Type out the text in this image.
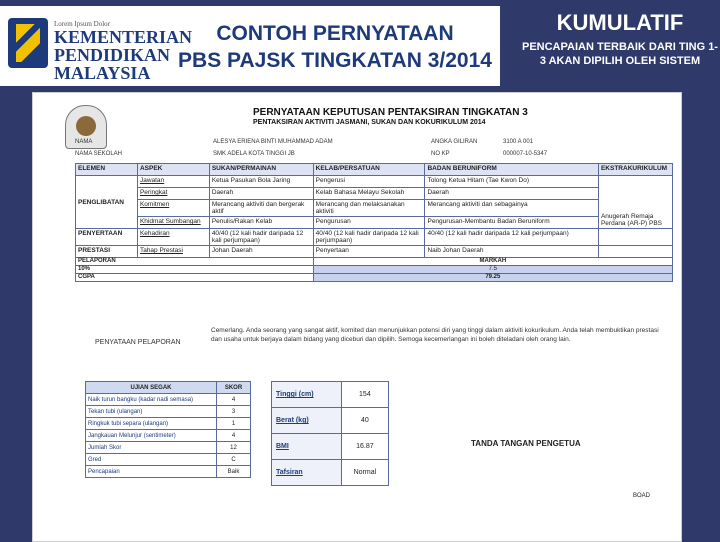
Lorem Ipsum Dolor
KEMENTERIAN
PENDIDIKAN
MALAYSIA
CONTOH PERNYATAAN
PBS PAJSK TINGKATAN 3/2014
KUMULATIF
PENCAPAIAN TERBAIK DARI TING 1-3 AKAN DIPILIH OLEH SISTEM
PERNYATAAN KEPUTUSAN PENTAKSIRAN TINGKATAN 3
PENTAKSIRAN AKTIVITI JASMANI, SUKAN DAN KOKURIKULUM 2014
NAMA	ALESYA ERIENA BINTI MUHAMMAD ADAM
NAMA SEKOLAH	SMK ADELA KOTA TINGGI JB
ANGKA GILIRAN	3100 A 001
NO KP	000007-10-5347
ELEMEN	ASPEK	SUKAN/PERMAINAN	KELAB/PERSATUAN	BADAN BERUNIFORM	EKSTRAKURIKULUM
PENGLIBATAN	Jawatan	Ketua Pasukan Bola Jaring	Pengerusi	Tolong Ketua Hitam (Tae Kwon Do)	Anugerah Remaja Perdana (AR-P) PBS
	Peringkat	Daerah	Kelab Bahasa Melayu Sekolah	Daerah	
	Komitmen	Merancang aktiviti dan bergerak aktif	Merancang dan melaksanakan aktiviti	Merancang aktiviti dan sebagainya	
	Khidmat Sumbangan	Penulis/Rakan Kelab	Pengurusan	Pengurusan-Membantu Badan Beruniform	
PENYERTAAN	Kehadiran	40/40 (12 kali hadir daripada 12 kali perjumpaan)	40/40 (12 kali hadir daripada 12 kali perjumpaan)	40/40 (12 kali hadir daripada 12 kali perjumpaan)	
PRESTASI	Tahap Prestasi	Johan Daerah	Penyertaan	Naib Johan Daerah	
PELAPORAN			MARKAH		
10%			7.5		
CGPA			79.25		
PENYATAAN PELAPORAN
Cemerlang. Anda seorang yang sangat aktif, komited dan menunjukkan potensi diri yang tinggi dalam aktiviti kokurikulum. Anda telah membuktikan prestasi dan usaha untuk berjaya dalam bidang yang diceburi dan dipilih. Semoga kecemerlangan ini boleh diteladani oleh orang lain.
UJIAN SEGAK	SKOR
Naik turun bangku (kadar nadi semasa)	4
Tekan tubi (ulangan)	3
Ringkuk tubi separa (ulangan)	1
Jangkauan Melunjur (sentimeter)	4
Jumlah Skor	12
Gred	C
Pencapaian	Baik
Tinggi (cm)	154
Berat (kg)	40
BMI	16.87
Tafsiran	Normal
TANDA TANGAN PENGETUA
BOAD
